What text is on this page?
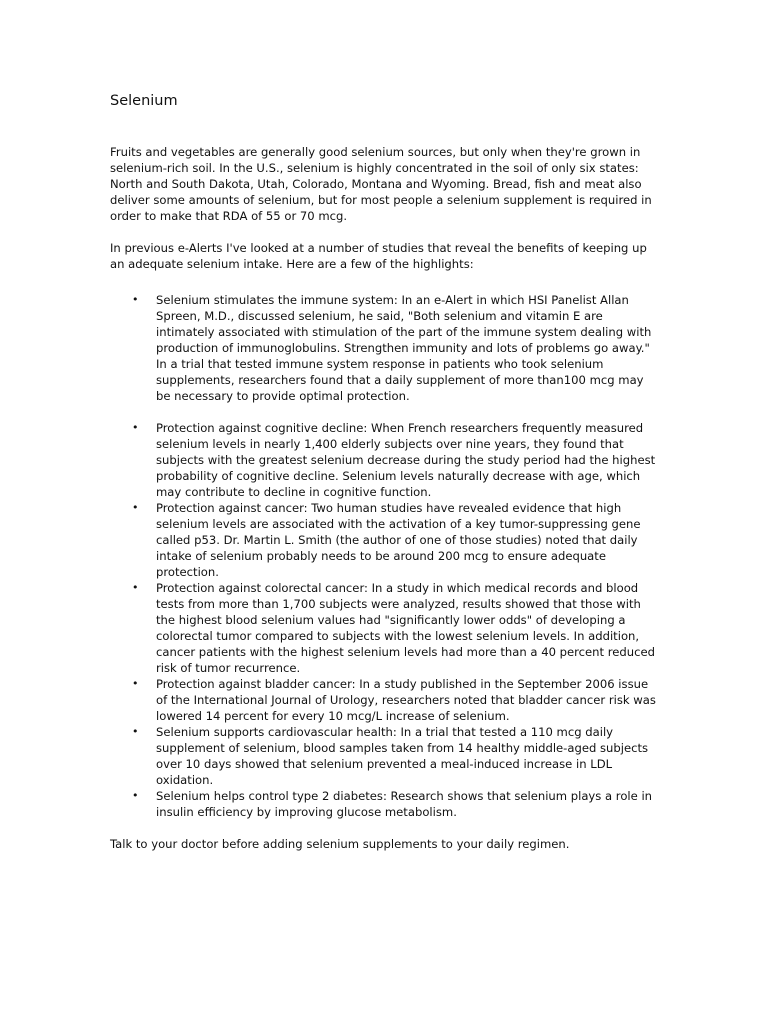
Selenium

Fruits and vegetables are generally good selenium sources, but only when they're grown in selenium-rich soil. In the U.S., selenium is highly concentrated in the soil of only six states: North and South Dakota, Utah, Colorado, Montana and Wyoming. Bread, fish and meat also deliver some amounts of selenium, but for most people a selenium supplement is required in order to make that RDA of 55 or 70 mcg.

In previous e-Alerts I've looked at a number of studies that reveal the benefits of keeping up an adequate selenium intake. Here are a few of the highlights:

• Selenium stimulates the immune system: In an e-Alert in which HSI Panelist Allan Spreen, M.D., discussed selenium, he said, "Both selenium and vitamin E are intimately associated with stimulation of the part of the immune system dealing with production of immunoglobulins. Strengthen immunity and lots of problems go away." In a trial that tested immune system response in patients who took selenium supplements, researchers found that a daily supplement of more than100 mcg may be necessary to provide optimal protection.
• Protection against cognitive decline: When French researchers frequently measured selenium levels in nearly 1,400 elderly subjects over nine years, they found that subjects with the greatest selenium decrease during the study period had the highest probability of cognitive decline. Selenium levels naturally decrease with age, which may contribute to decline in cognitive function.
• Protection against cancer: Two human studies have revealed evidence that high selenium levels are associated with the activation of a key tumor-suppressing gene called p53. Dr. Martin L. Smith (the author of one of those studies) noted that daily intake of selenium probably needs to be around 200 mcg to ensure adequate protection.
• Protection against colorectal cancer: In a study in which medical records and blood tests from more than 1,700 subjects were analyzed, results showed that those with the highest blood selenium values had "significantly lower odds" of developing a colorectal tumor compared to subjects with the lowest selenium levels. In addition, cancer patients with the highest selenium levels had more than a 40 percent reduced risk of tumor recurrence.
• Protection against bladder cancer: In a study published in the September 2006 issue of the International Journal of Urology, researchers noted that bladder cancer risk was lowered 14 percent for every 10 mcg/L increase of selenium.
• Selenium supports cardiovascular health: In a trial that tested a 110 mcg daily supplement of selenium, blood samples taken from 14 healthy middle-aged subjects over 10 days showed that selenium prevented a meal-induced increase in LDL oxidation.
• Selenium helps control type 2 diabetes: Research shows that selenium plays a role in insulin efficiency by improving glucose metabolism.

Talk to your doctor before adding selenium supplements to your daily regimen.
